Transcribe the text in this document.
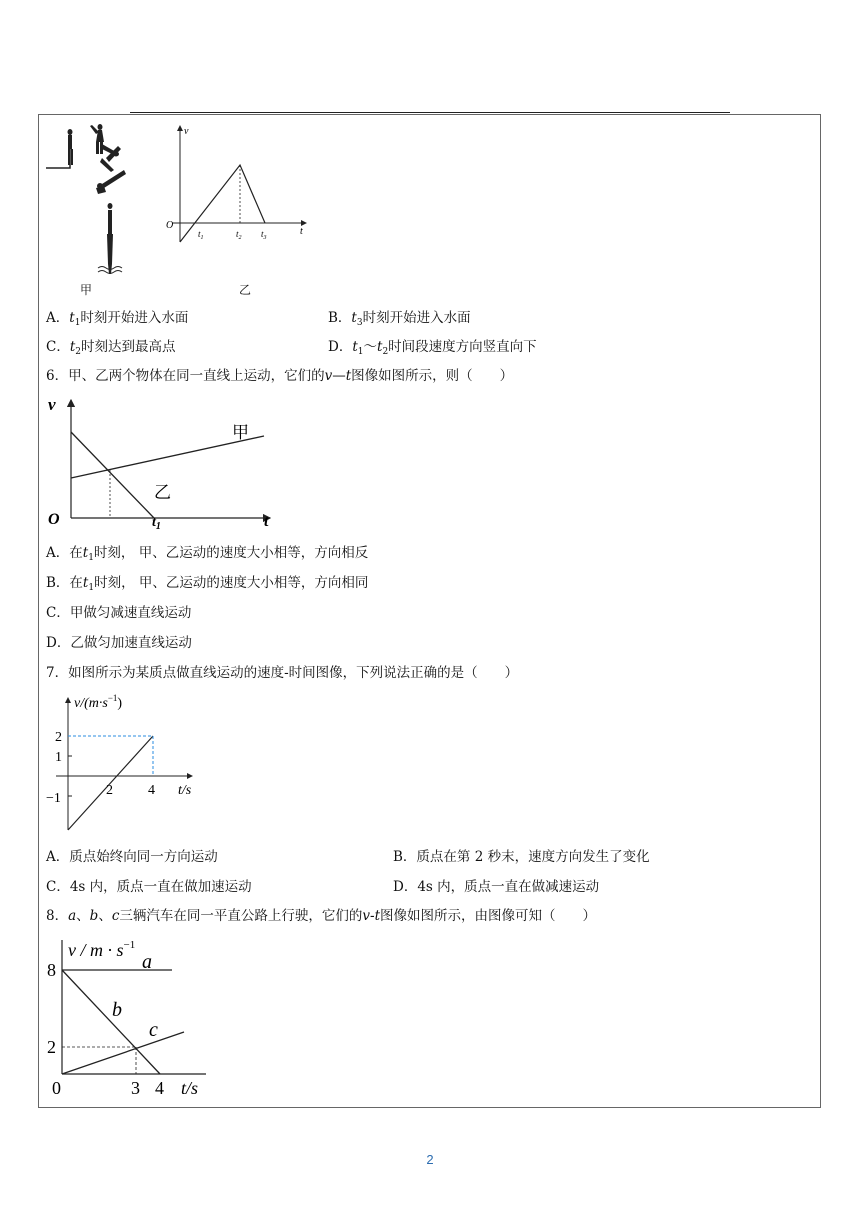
甲	乙
v
t
O
$t_1$	$t_2$ $t_3$
A．$t_1$时刻开始进入水面	B．$t_3$时刻开始进入水面
C．$t_2$时刻达到最高点	D．$t_1\sim t_2$时间段速度方向竖直向下
6．甲、乙两个物体在同一直线上运动，它们的v—t图像如图所示，则（　　）
v
t
O
甲
乙
$t_1$
A．在$t_1$时刻， 甲、乙运动的速度大小相等，方向相反
B．在$t_1$时刻， 甲、乙运动的速度大小相等，方向相同
C．甲做匀减速直线运动
D．乙做匀加速直线运动
7．如图所示为某质点做直线运动的速度-时间图像，下列说法正确的是（　　）
$v/(m\cdot s^{-1})$
2
1
−1
2	4 t/s
A．质点始终向同一方向运动	B．质点在第 2 秒末，速度方向发生了变化
C．4s 内，质点一直在做加速运动	D．4s 内，质点一直在做减速运动
8．a、b、c三辆汽车在同一平直公路上行驶，它们的v-t图像如图所示，由图像可知（　　）
$v / m \cdot s^{-1}$
a
b
c
8
2
0	3 4 t/s
2
